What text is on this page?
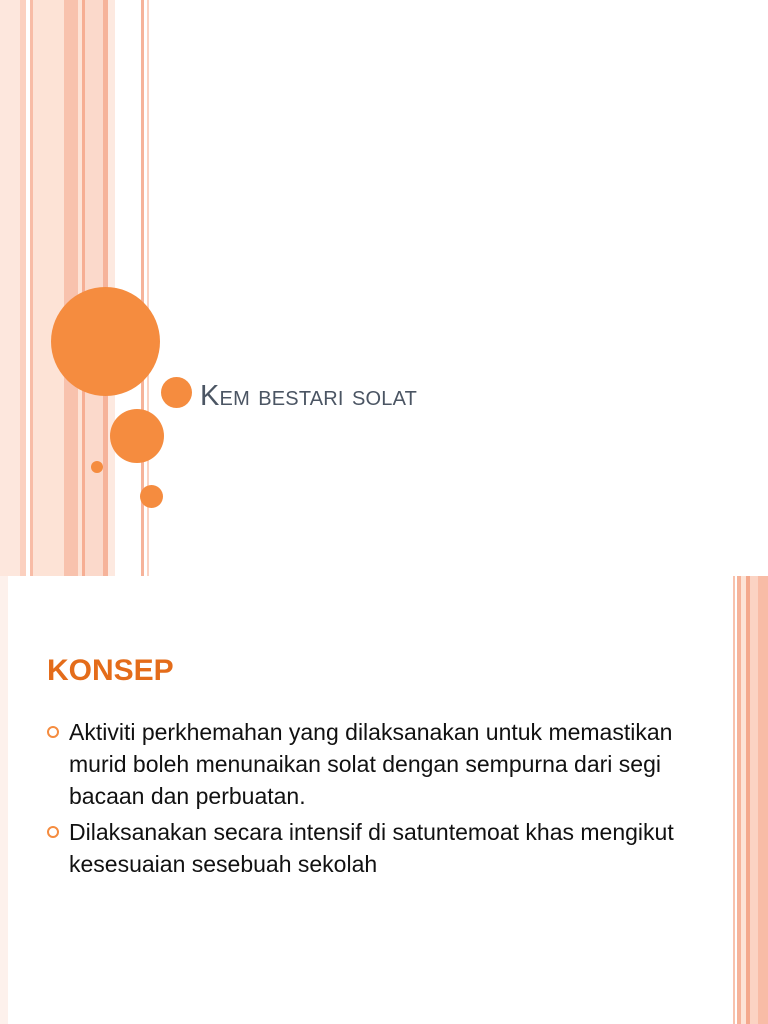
Kem bestari solat
KONSEP
Aktiviti perkhemahan yang dilaksanakan untuk memastikan murid boleh menunaikan solat dengan sempurna dari segi bacaan dan perbuatan.
Dilaksanakan secara intensif di satuntemoat khas mengikut kesesuaian sesebuah sekolah
